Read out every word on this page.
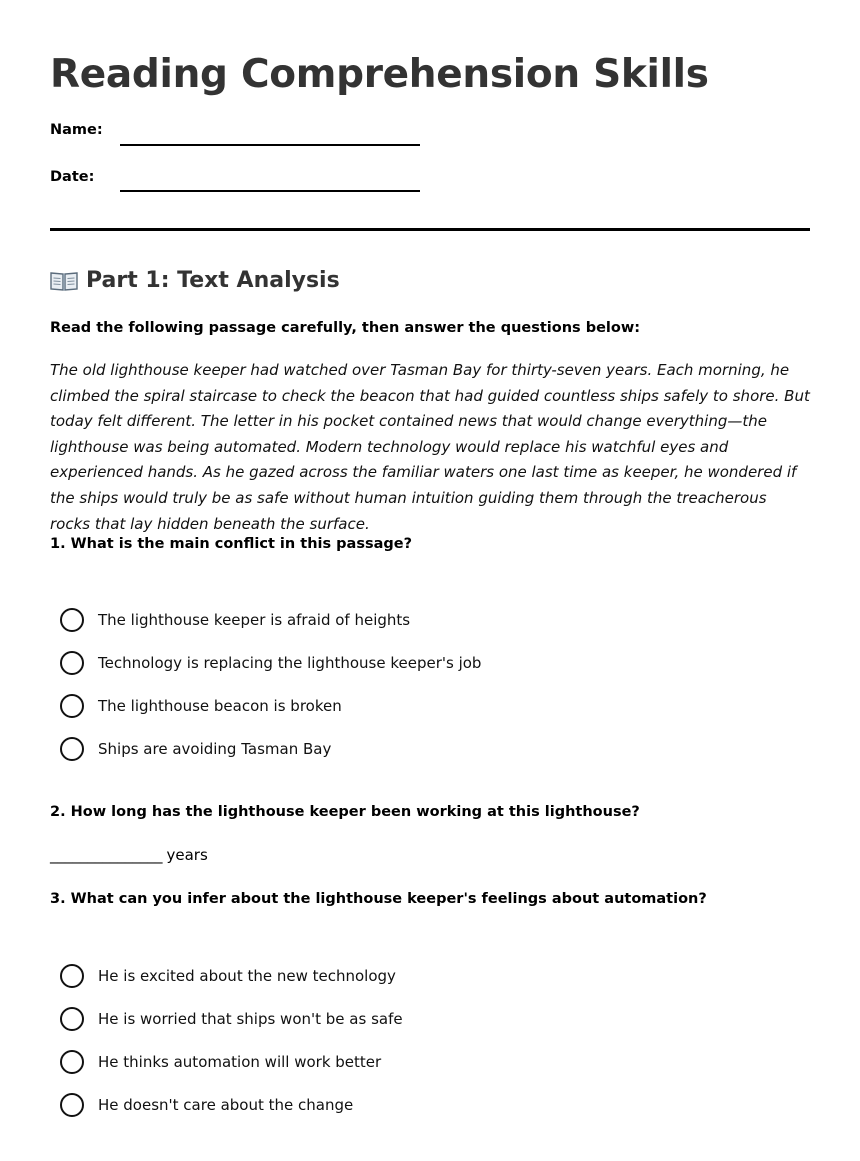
Reading Comprehension Skills
Name:
Date:
Part 1: Text Analysis

Read the following passage carefully, then answer the questions below:

The old lighthouse keeper had watched over Tasman Bay for thirty-seven years. Each morning, he climbed the spiral staircase to check the beacon that had guided countless ships safely to shore. But today felt different. The letter in his pocket contained news that would change everything—the lighthouse was being automated. Modern technology would replace his watchful eyes and experienced hands. As he gazed across the familiar waters one last time as keeper, he wondered if the ships would truly be as safe without human intuition guiding them through the treacherous rocks that lay hidden beneath the surface.

1. What is the main conflict in this passage?

The lighthouse keeper is afraid of heights
Technology is replacing the lighthouse keeper's job
The lighthouse beacon is broken
Ships are avoiding Tasman Bay

2. How long has the lighthouse keeper been working at this lighthouse?

_______________ years

3. What can you infer about the lighthouse keeper's feelings about automation?

He is excited about the new technology
He is worried that ships won't be as safe
He thinks automation will work better
He doesn't care about the change
